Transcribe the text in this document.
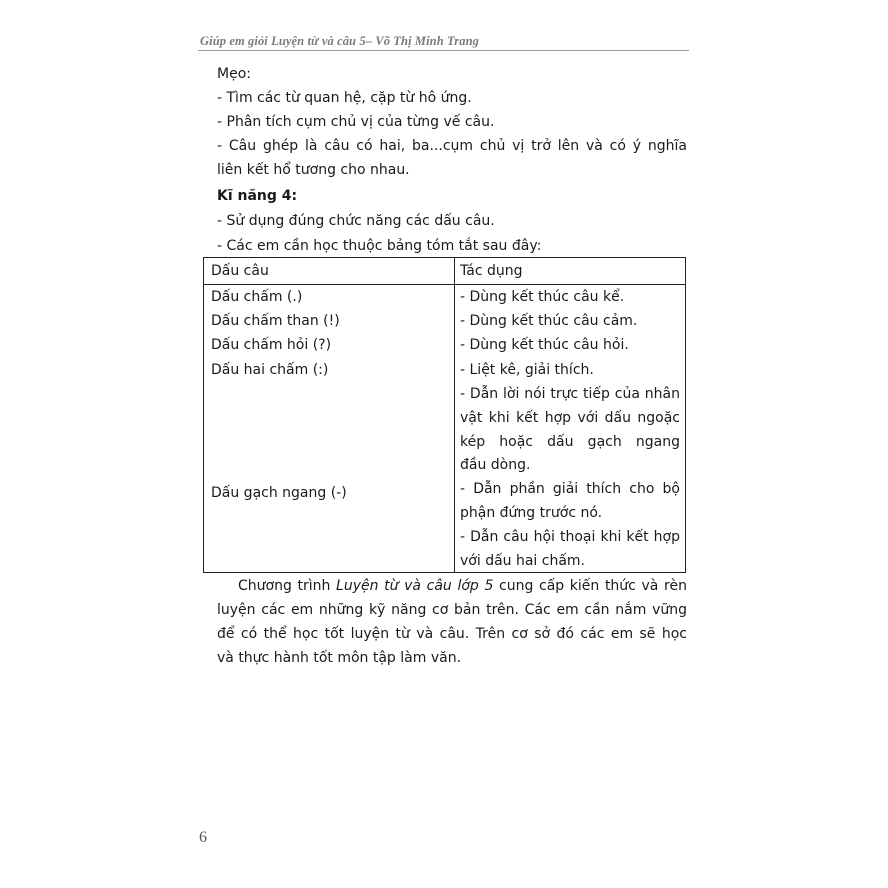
Giúp em giỏi Luyện từ và câu 5– Võ Thị Minh Trang
Mẹo:
- Tìm các từ quan hệ, cặp từ hô ứng.
- Phân tích cụm chủ vị của từng vế câu.
- Câu ghép là câu có hai, ba...cụm chủ vị trở lên và có ý nghĩa
liên kết hổ tương cho nhau.
Kĩ năng 4:
- Sử dụng đúng chức năng các dấu câu.
- Các em cần học thuộc bảng tóm tắt sau đây:
Dấu câu	Tác dụng
Dấu chấm (.)
Dấu chấm than (!)
Dấu chấm hỏi (?)
Dấu hai chấm (:)
Dấu gạch ngang (-)
- Dùng kết thúc câu kể.
- Dùng kết thúc câu cảm.
- Dùng kết thúc câu hỏi.
- Liệt kê, giải thích.
- Dẫn lời nói trực tiếp của nhân
vật khi kết hợp với dấu ngoặc
kép hoặc dấu gạch ngang
đầu dòng.
- Dẫn phần giải thích cho bộ
phận đứng trước nó.
- Dẫn câu hội thoại khi kết hợp
với dấu hai chấm.
Chương trình Luyện từ và câu lớp 5 cung cấp kiến thức và rèn
luyện các em những kỹ năng cơ bản trên. Các em cần nắm vững
để có thể học tốt luyện từ và câu. Trên cơ sở đó các em sẽ học
và thực hành tốt môn tập làm văn.
6
